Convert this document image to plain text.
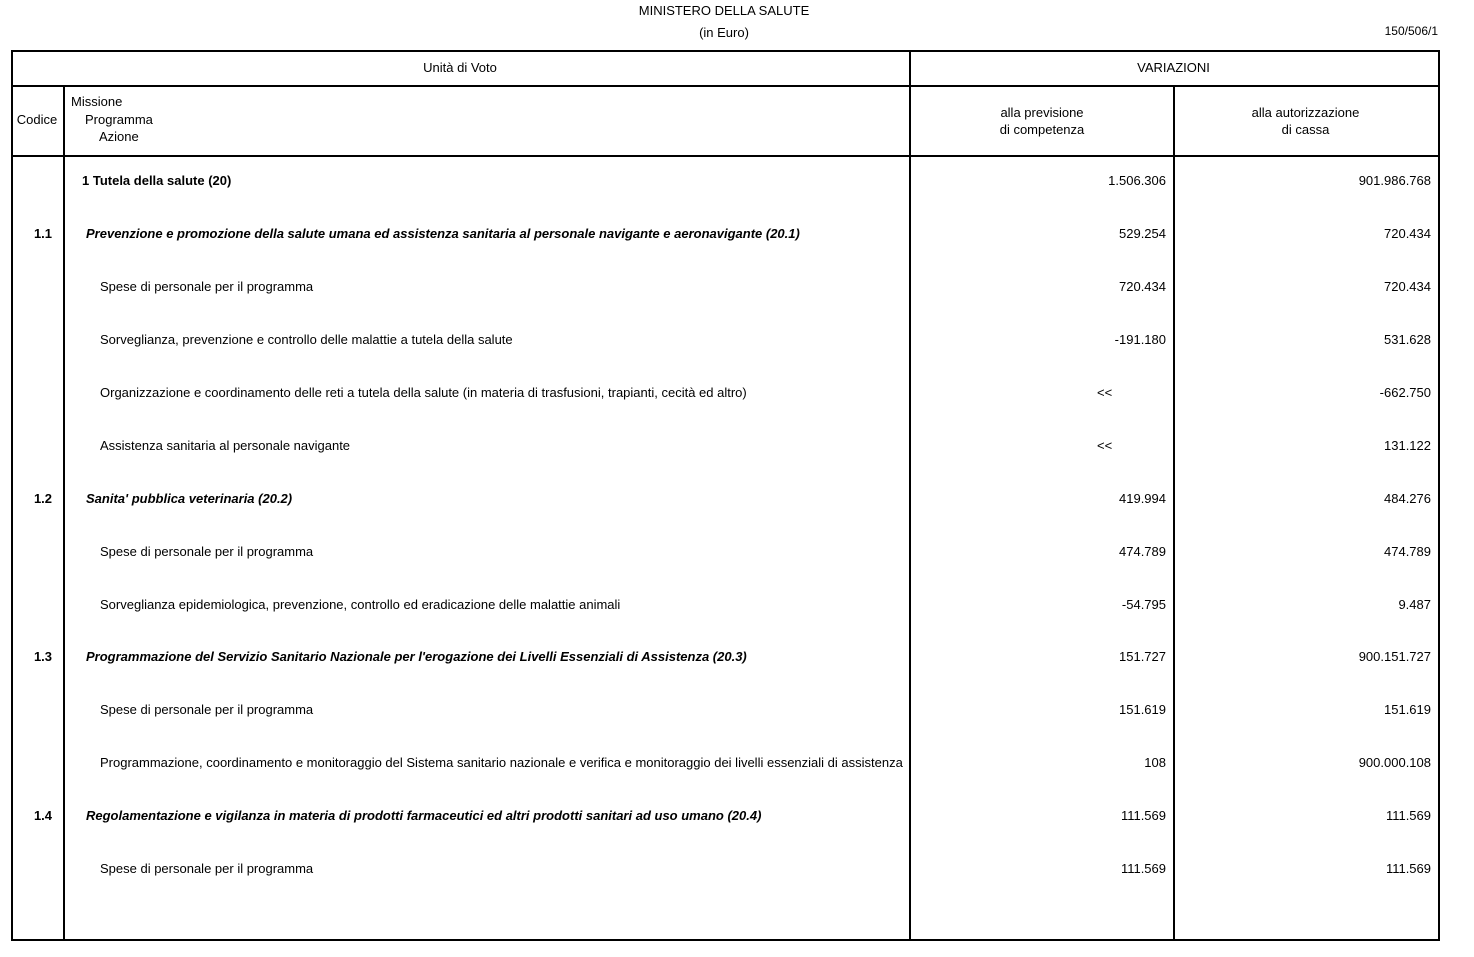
MINISTERO DELLA SALUTE
(in Euro)	150/506/1
Unità di Voto	VARIAZIONI
Codice
Missione
Programma
Azione
alla previsione
di competenza
alla autorizzazione
di cassa
1 Tutela della salute (20)	1.506.306	901.986.768
1.1	Prevenzione e promozione della salute umana ed assistenza sanitaria al personale navigante e aeronavigante (20.1)	529.254	720.434
Spese di personale per il programma	720.434	720.434
Sorveglianza, prevenzione e controllo delle malattie a tutela della salute	-191.180	531.628
Organizzazione e coordinamento delle reti a tutela della salute (in materia di trasfusioni, trapianti, cecità ed altro)	<<	-662.750
Assistenza sanitaria al personale navigante	<<	131.122
1.2	Sanita' pubblica veterinaria (20.2)	419.994	484.276
Spese di personale per il programma	474.789	474.789
Sorveglianza epidemiologica, prevenzione, controllo ed eradicazione delle malattie animali	-54.795	9.487
1.3	Programmazione del Servizio Sanitario Nazionale per l'erogazione dei Livelli Essenziali di Assistenza (20.3)	151.727	900.151.727
Spese di personale per il programma	151.619	151.619
Programmazione, coordinamento e monitoraggio del Sistema sanitario nazionale e verifica e monitoraggio dei livelli essenziali di assistenza	108	900.000.108
1.4	Regolamentazione e vigilanza in materia di prodotti farmaceutici ed altri prodotti sanitari ad uso umano (20.4)	111.569	111.569
Spese di personale per il programma	111.569	111.569
